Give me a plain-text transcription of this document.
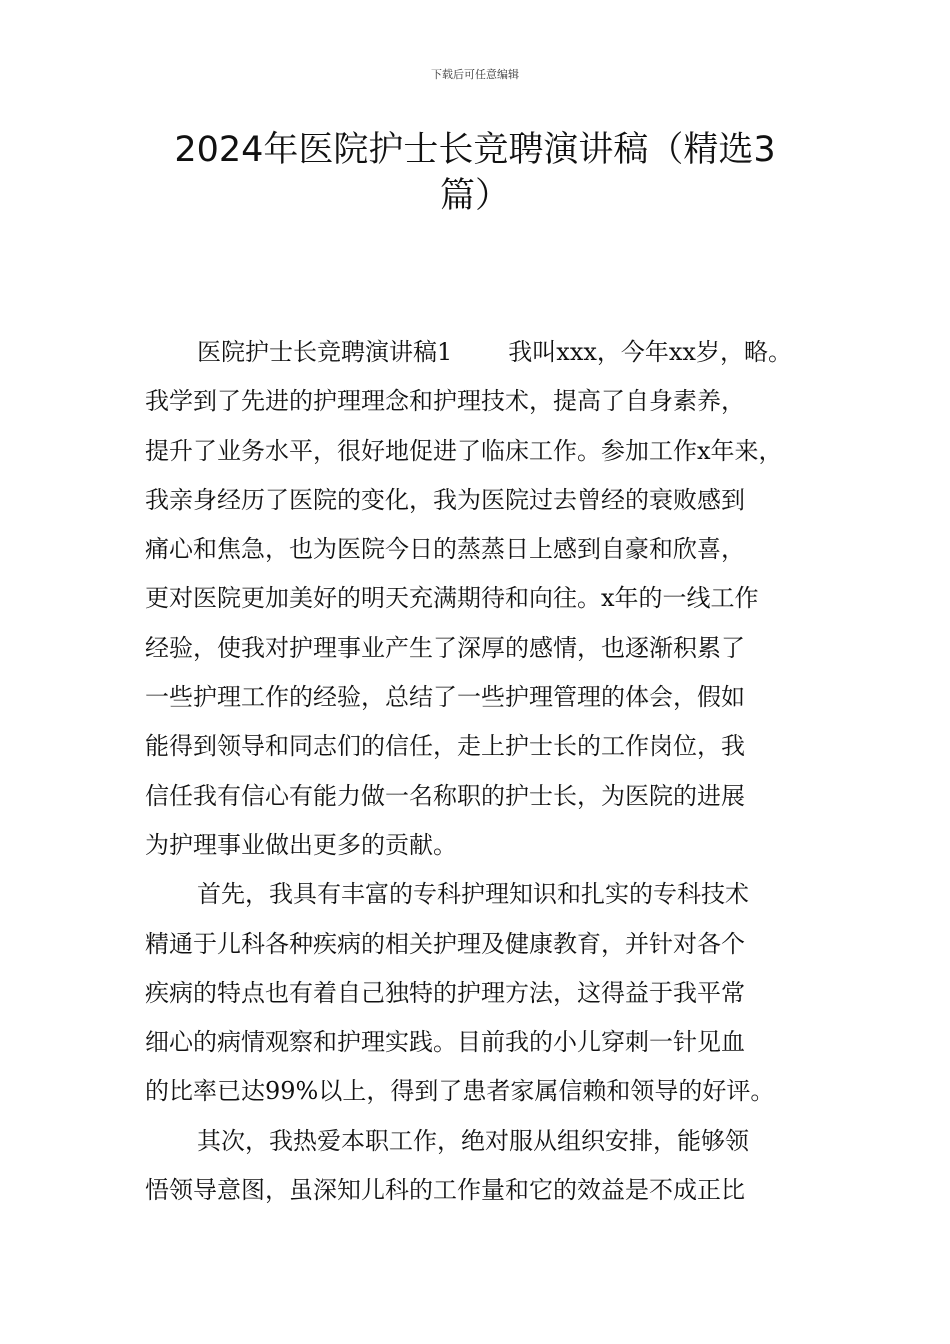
下载后可任意编辑
2024年医院护士长竞聘演讲稿（精选3
篇）
医院护士长竞聘演讲稿1 我叫xxx，今年xx岁，略。
我学到了先进的护理理念和护理技术，提高了自身素养，
提升了业务水平，很好地促进了临床工作。参加工作x年来，
我亲身经历了医院的变化，我为医院过去曾经的衰败感到
痛心和焦急，也为医院今日的蒸蒸日上感到自豪和欣喜，
更对医院更加美好的明天充满期待和向往。x年的一线工作
经验，使我对护理事业产生了深厚的感情，也逐渐积累了
一些护理工作的经验，总结了一些护理管理的体会，假如
能得到领导和同志们的信任，走上护士长的工作岗位，我
信任我有信心有能力做一名称职的护士长，为医院的进展
为护理事业做出更多的贡献。
首先，我具有丰富的专科护理知识和扎实的专科技术
精通于儿科各种疾病的相关护理及健康教育，并针对各个
疾病的特点也有着自己独特的护理方法，这得益于我平常
细心的病情观察和护理实践。目前我的小儿穿刺一针见血
的比率已达99%以上，得到了患者家属信赖和领导的好评。
其次，我热爱本职工作，绝对服从组织安排，能够领
悟领导意图，虽深知儿科的工作量和它的效益是不成正比
